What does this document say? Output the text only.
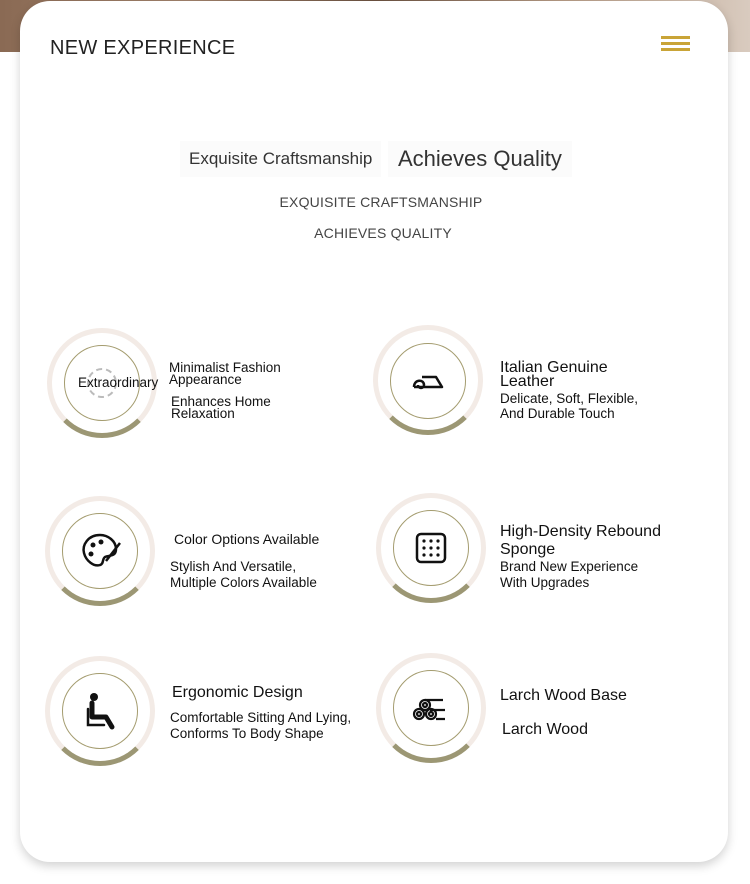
NEW EXPERIENCE
Exquisite Craftsmanship	Achieves Quality
EXQUISITE CRAFTSMANSHIP
ACHIEVES QUALITY
Extraordinary
Minimalist Fashion
Appearance
Enhances Home
Relaxation
Italian Genuine
Leather
Delicate, Soft, Flexible,
And Durable Touch
Color Options Available
Stylish And Versatile,
Multiple Colors Available
High-Density Rebound
Sponge
Brand New Experience
With Upgrades
Ergonomic Design
Comfortable Sitting And Lying,
Conforms To Body Shape
Larch Wood Base
Larch Wood
